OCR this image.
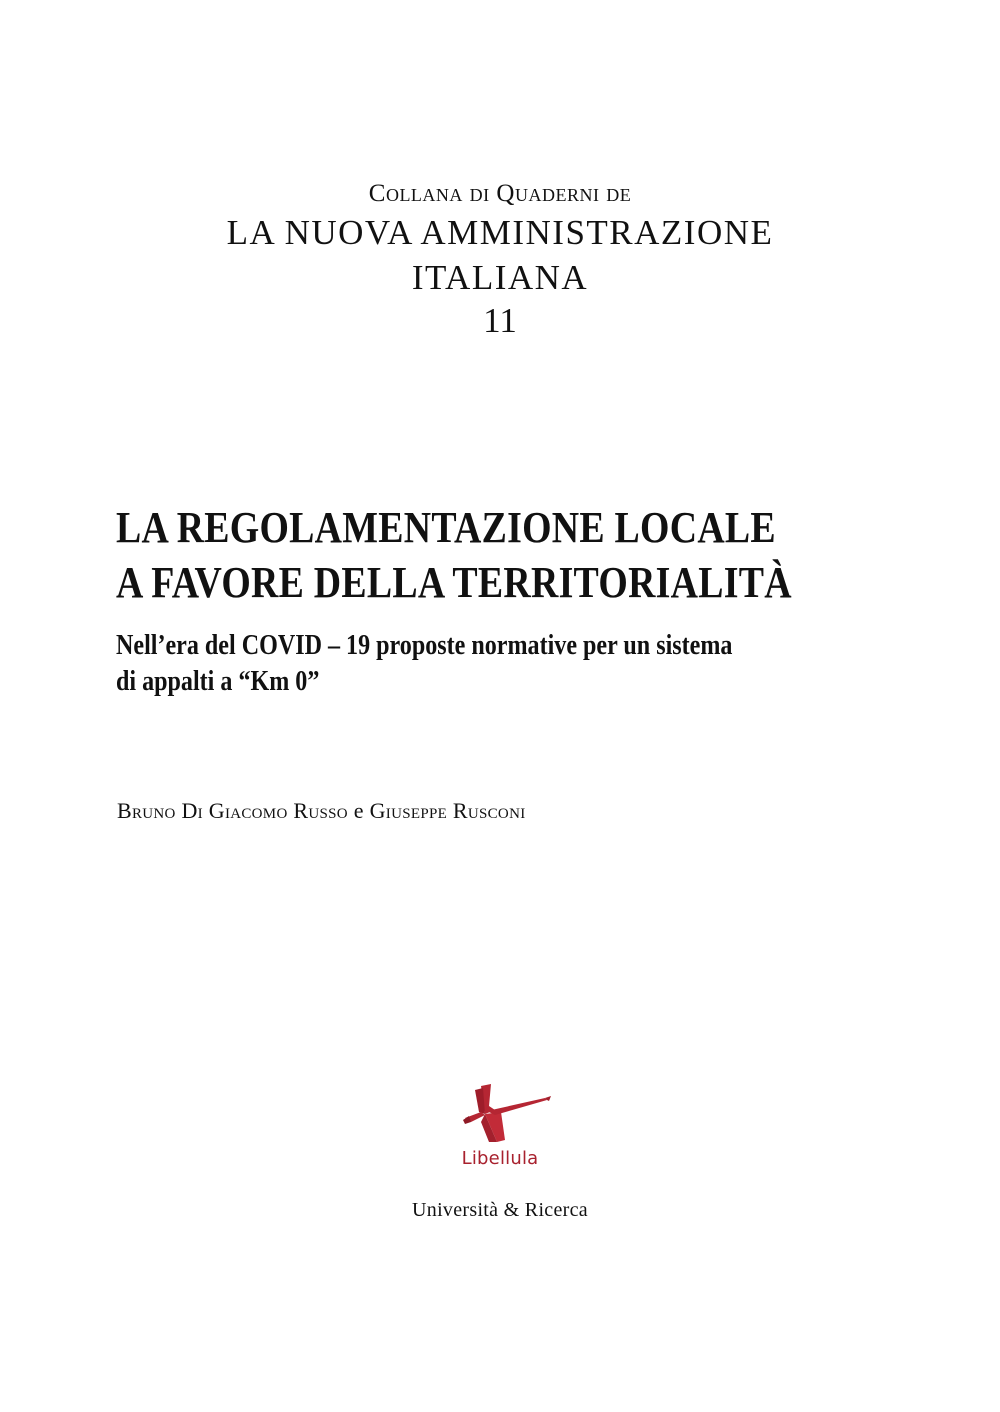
Collana di Quaderni de
LA NUOVA AMMINISTRAZIONE
ITALIANA
11
LA REGOLAMENTAZIONE LOCALE
A FAVORE DELLA TERRITORIALITÀ
Nell’era del COVID – 19 proposte normative per un sistema
di appalti a “Km 0”
Bruno Di Giacomo Russo e Giuseppe Rusconi
Libellula
Università & Ricerca
